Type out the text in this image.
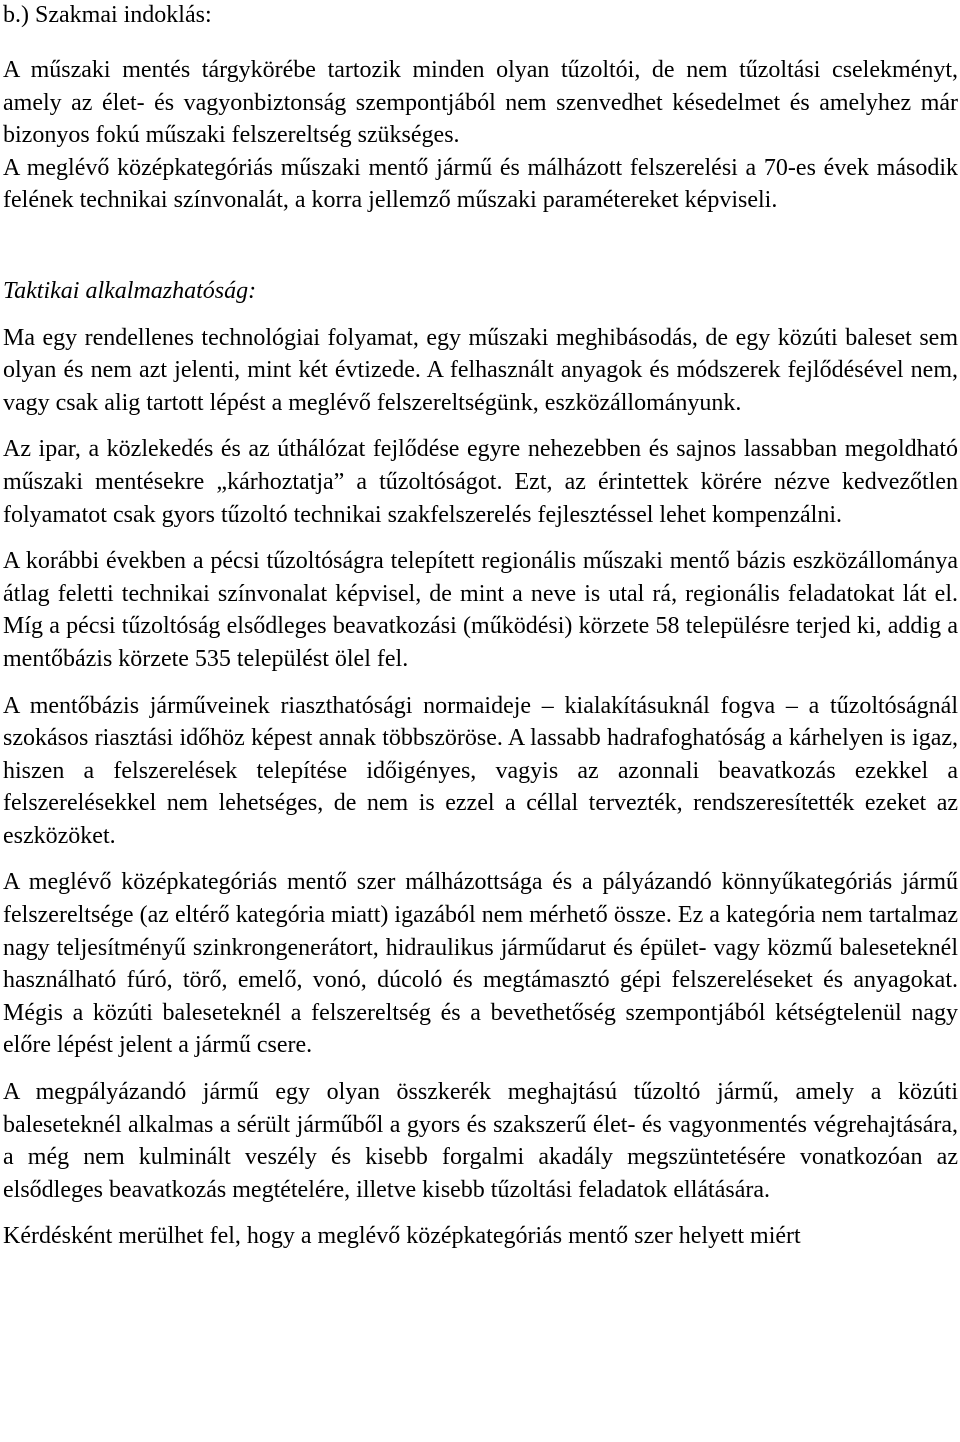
b.) Szakmai indoklás:

A műszaki mentés tárgykörébe tartozik minden olyan tűzoltói, de nem tűzoltási cselekményt, amely az élet- és vagyonbiztonság szempontjából nem szenvedhet késedelmet és amelyhez már bizonyos fokú műszaki felszereltség szükséges.

A meglévő középkategóriás műszaki mentő jármű és málházott felszerelési a 70-es évek második felének technikai színvonalát, a korra jellemző műszaki paramétereket képviseli.

Taktikai alkalmazhatóság:

Ma egy rendellenes technológiai folyamat, egy műszaki meghibásodás, de egy közúti baleset sem olyan és nem azt jelenti, mint két évtizede. A felhasznált anyagok és módszerek fejlődésével nem, vagy csak alig tartott lépést a meglévő felszereltségünk, eszközállományunk.

Az ipar, a közlekedés és az úthálózat fejlődése egyre nehezebben és sajnos lassabban megoldható műszaki mentésekre „kárhoztatja” a tűzoltóságot. Ezt, az érintettek körére nézve kedvezőtlen folyamatot csak gyors tűzoltó technikai szakfelszerelés fejlesztéssel lehet kompenzálni.

A korábbi években a pécsi tűzoltóságra telepített regionális műszaki mentő bázis eszközállománya átlag feletti technikai színvonalat képvisel, de mint a neve is utal rá, regionális feladatokat lát el. Míg a pécsi tűzoltóság elsődleges beavatkozási (működési) körzete 58 településre terjed ki, addig a mentőbázis körzete 535 települést ölel fel.

A mentőbázis járműveinek riaszthatósági normaideje – kialakításuknál fogva – a tűzoltóságnál szokásos riasztási időhöz képest annak többszöröse. A lassabb hadrafoghatóság a kárhelyen is igaz, hiszen a felszerelések telepítése időigényes, vagyis az azonnali beavatkozás ezekkel a felszerelésekkel nem lehetséges, de nem is ezzel a céllal tervezték, rendszeresítették ezeket az eszközöket.

A meglévő középkategóriás mentő szer málházottsága és a pályázandó könnyűkategóriás jármű felszereltsége (az eltérő kategória miatt) igazából nem mérhető össze. Ez a kategória nem tartalmaz nagy teljesítményű szinkrongenerátort, hidraulikus járműdarut és épület- vagy közmű baleseteknél használható fúró, törő, emelő, vonó, dúcoló és megtámasztó gépi felszereléseket és anyagokat. Mégis a közúti baleseteknél a felszereltség és a bevethetőség szempontjából kétségtelenül nagy előre lépést jelent a jármű csere.

A megpályázandó jármű egy olyan összkerék meghajtású tűzoltó jármű, amely a közúti baleseteknél alkalmas a sérült járműből a gyors és szakszerű élet- és vagyonmentés végrehajtására, a még nem kulminált veszély és kisebb forgalmi akadály megszüntetésére vonatkozóan az elsődleges beavatkozás megtételére, illetve kisebb tűzoltási feladatok ellátására.

Kérdésként merülhet fel, hogy a meglévő középkategóriás mentő szer helyett miért
